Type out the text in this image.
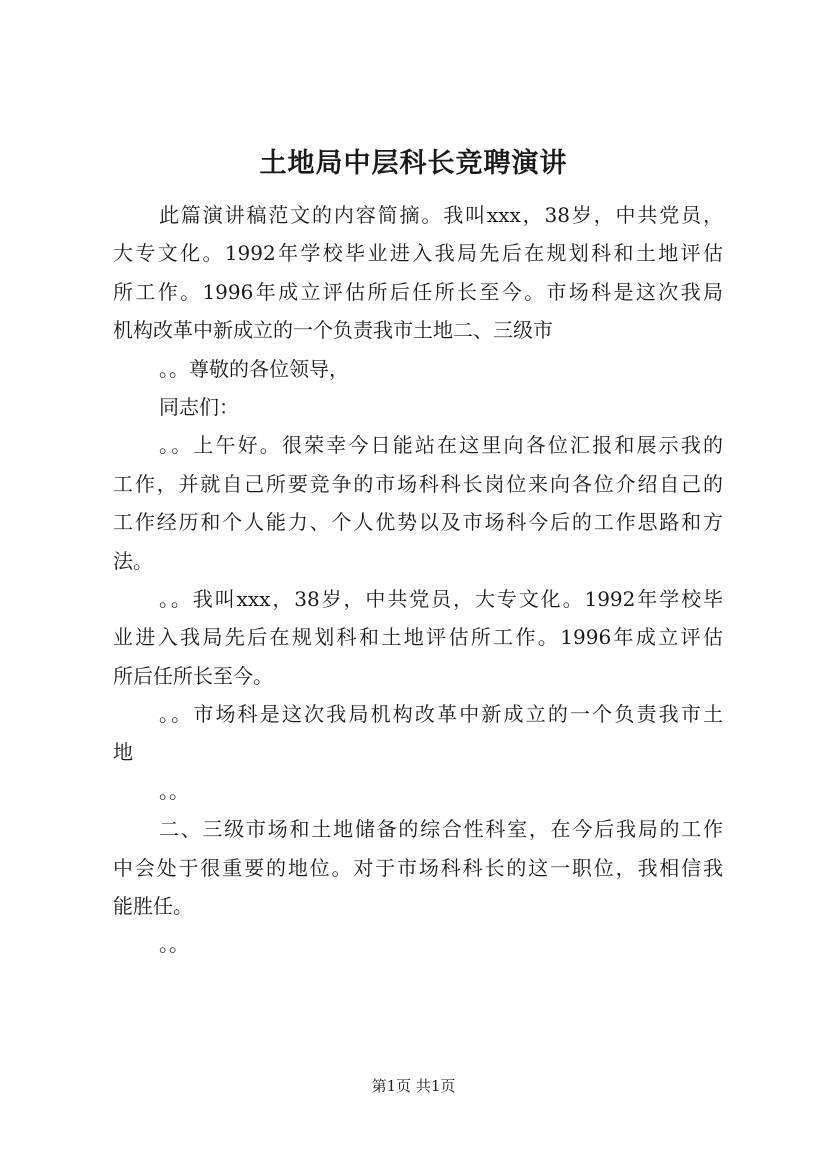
土地局中层科长竞聘演讲
此篇演讲稿范文的内容简摘。我叫xxx，38岁，中共党员，
大专文化。1992年学校毕业进入我局先后在规划科和土地评估
所工作。1996年成立评估所后任所长至今。市场科是这次我局
机构改革中新成立的一个负责我市土地二、三级市
。。尊敬的各位领导，
同志们：
。。上午好。很荣幸今日能站在这里向各位汇报和展示我的
工作，并就自己所要竞争的市场科科长岗位来向各位介绍自己的
工作经历和个人能力、个人优势以及市场科今后的工作思路和方
法。
。。我叫xxx，38岁，中共党员，大专文化。1992年学校毕
业进入我局先后在规划科和土地评估所工作。1996年成立评估
所后任所长至今。
。。市场科是这次我局机构改革中新成立的一个负责我市土
地
。。
二、三级市场和土地储备的综合性科室，在今后我局的工作
中会处于很重要的地位。对于市场科科长的这一职位，我相信我
能胜任。
。。
第1页 共1页
